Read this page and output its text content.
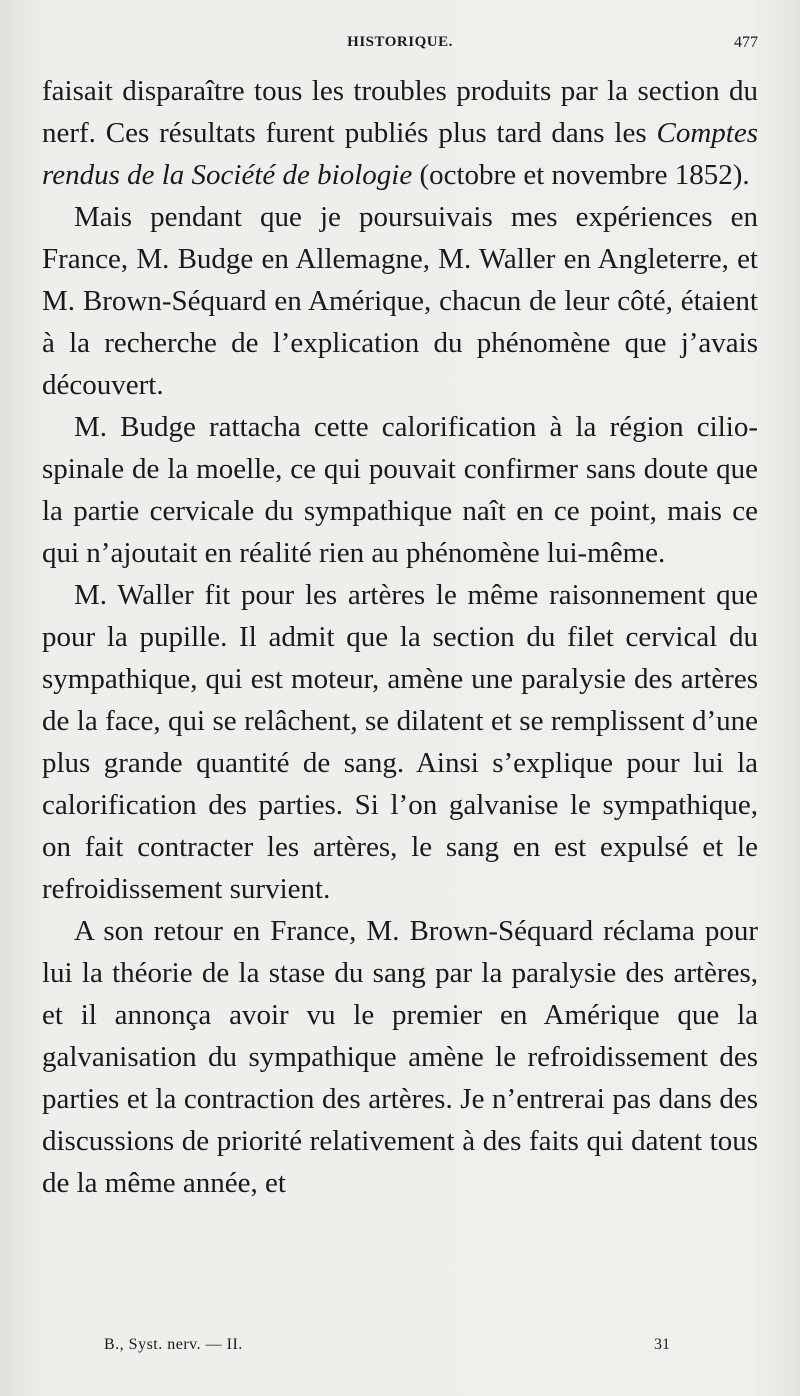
HISTORIQUE.	477

faisait disparaître tous les troubles produits par la section du nerf. Ces résultats furent publiés plus tard dans les Comptes rendus de la Société de biologie (octobre et novembre 1852).

Mais pendant que je poursuivais mes expériences en France, M. Budge en Allemagne, M. Waller en Angleterre, et M. Brown-Séquard en Amérique, chacun de leur côté, étaient à la recherche de l’explication du phénomène que j’avais découvert.

M. Budge rattacha cette calorification à la région cilio-spinale de la moelle, ce qui pouvait confirmer sans doute que la partie cervicale du sympathique naît en ce point, mais ce qui n’ajoutait en réalité rien au phénomène lui-même.

M. Waller fit pour les artères le même raisonnement que pour la pupille. Il admit que la section du filet cervical du sympathique, qui est moteur, amène une paralysie des artères de la face, qui se relâchent, se dilatent et se remplissent d’une plus grande quantité de sang. Ainsi s’explique pour lui la calorification des parties. Si l’on galvanise le sympathique, on fait contracter les artères, le sang en est expulsé et le refroidissement survient.

A son retour en France, M. Brown-Séquard réclama pour lui la théorie de la stase du sang par la paralysie des artères, et il annonça avoir vu le premier en Amérique que la galvanisation du sympathique amène le refroidissement des parties et la contraction des artères. Je n’entrerai pas dans des discussions de priorité relativement à des faits qui datent tous de la même année, et

B., Syst. nerv. — II.	31
